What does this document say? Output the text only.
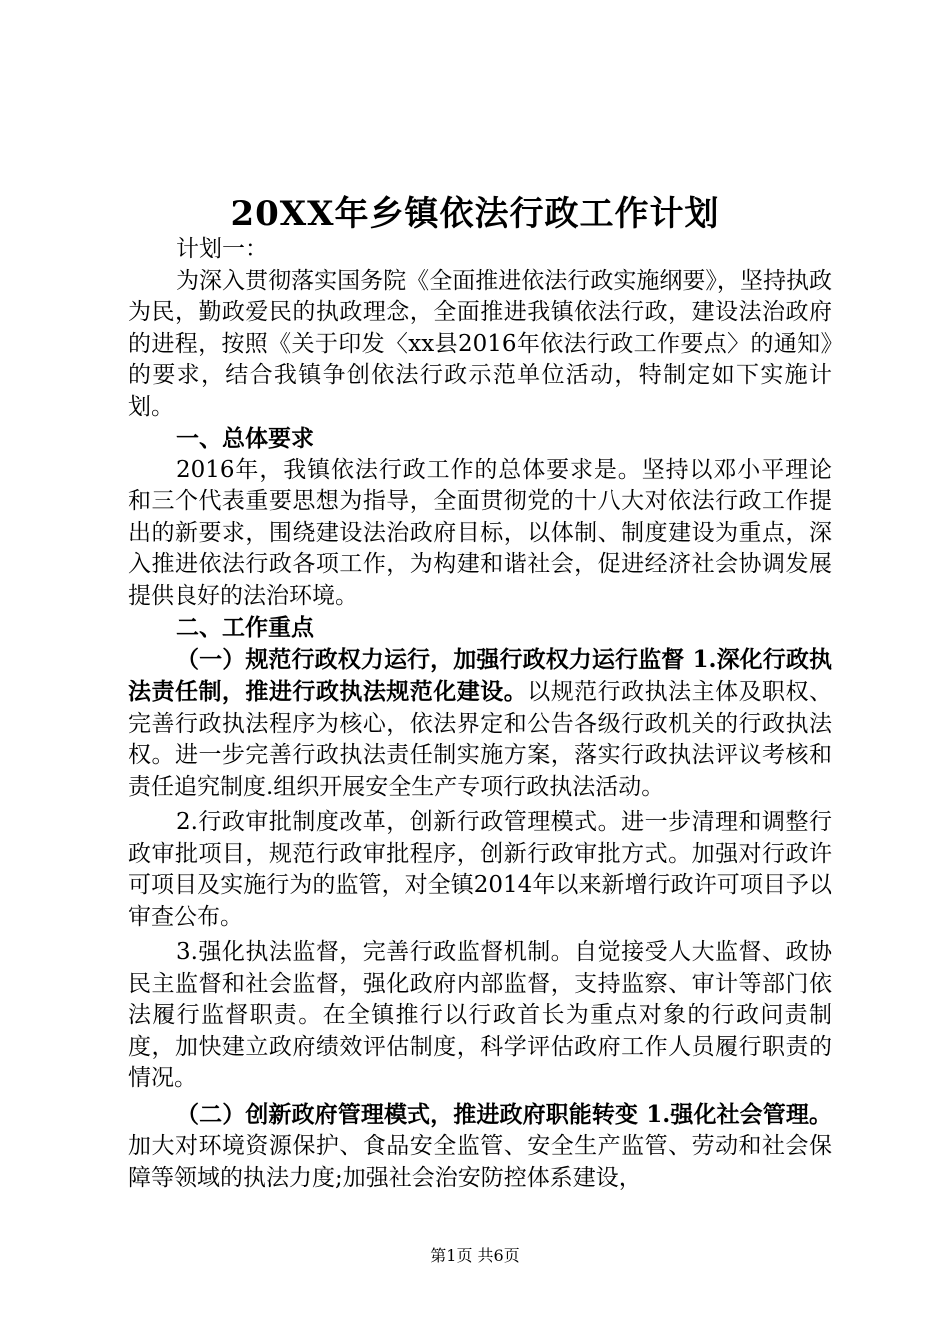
20XX年乡镇依法行政工作计划

计划一：

为深入贯彻落实国务院《全面推进依法行政实施纲要》，坚持执政为民，勤政爱民的执政理念，全面推进我镇依法行政，建设法治政府的进程，按照《关于印发〈xx县2016年依法行政工作要点〉的通知》的要求，结合我镇争创依法行政示范单位活动，特制定如下实施计划。

一、总体要求

2016年，我镇依法行政工作的总体要求是。坚持以邓小平理论和三个代表重要思想为指导，全面贯彻党的十八大对依法行政工作提出的新要求，围绕建设法治政府目标，以体制、制度建设为重点，深入推进依法行政各项工作，为构建和谐社会，促进经济社会协调发展提供良好的法治环境。

二、工作重点

（一）规范行政权力运行，加强行政权力运行监督 1.深化行政执法责任制，推进行政执法规范化建设。以规范行政执法主体及职权、完善行政执法程序为核心，依法界定和公告各级行政机关的行政执法权。进一步完善行政执法责任制实施方案，落实行政执法评议考核和责任追究制度.组织开展安全生产专项行政执法活动。

2.行政审批制度改革，创新行政管理模式。进一步清理和调整行政审批项目，规范行政审批程序，创新行政审批方式。加强对行政许可项目及实施行为的监管，对全镇2014年以来新增行政许可项目予以审查公布。

3.强化执法监督，完善行政监督机制。自觉接受人大监督、政协民主监督和社会监督，强化政府内部监督，支持监察、审计等部门依法履行监督职责。在全镇推行以行政首长为重点对象的行政问责制度，加快建立政府绩效评估制度，科学评估政府工作人员履行职责的情况。

（二）创新政府管理模式，推进政府职能转变 1.强化社会管理。加大对环境资源保护、食品安全监管、安全生产监管、劳动和社会保障等领域的执法力度;加强社会治安防控体系建设，

第1页 共6页
